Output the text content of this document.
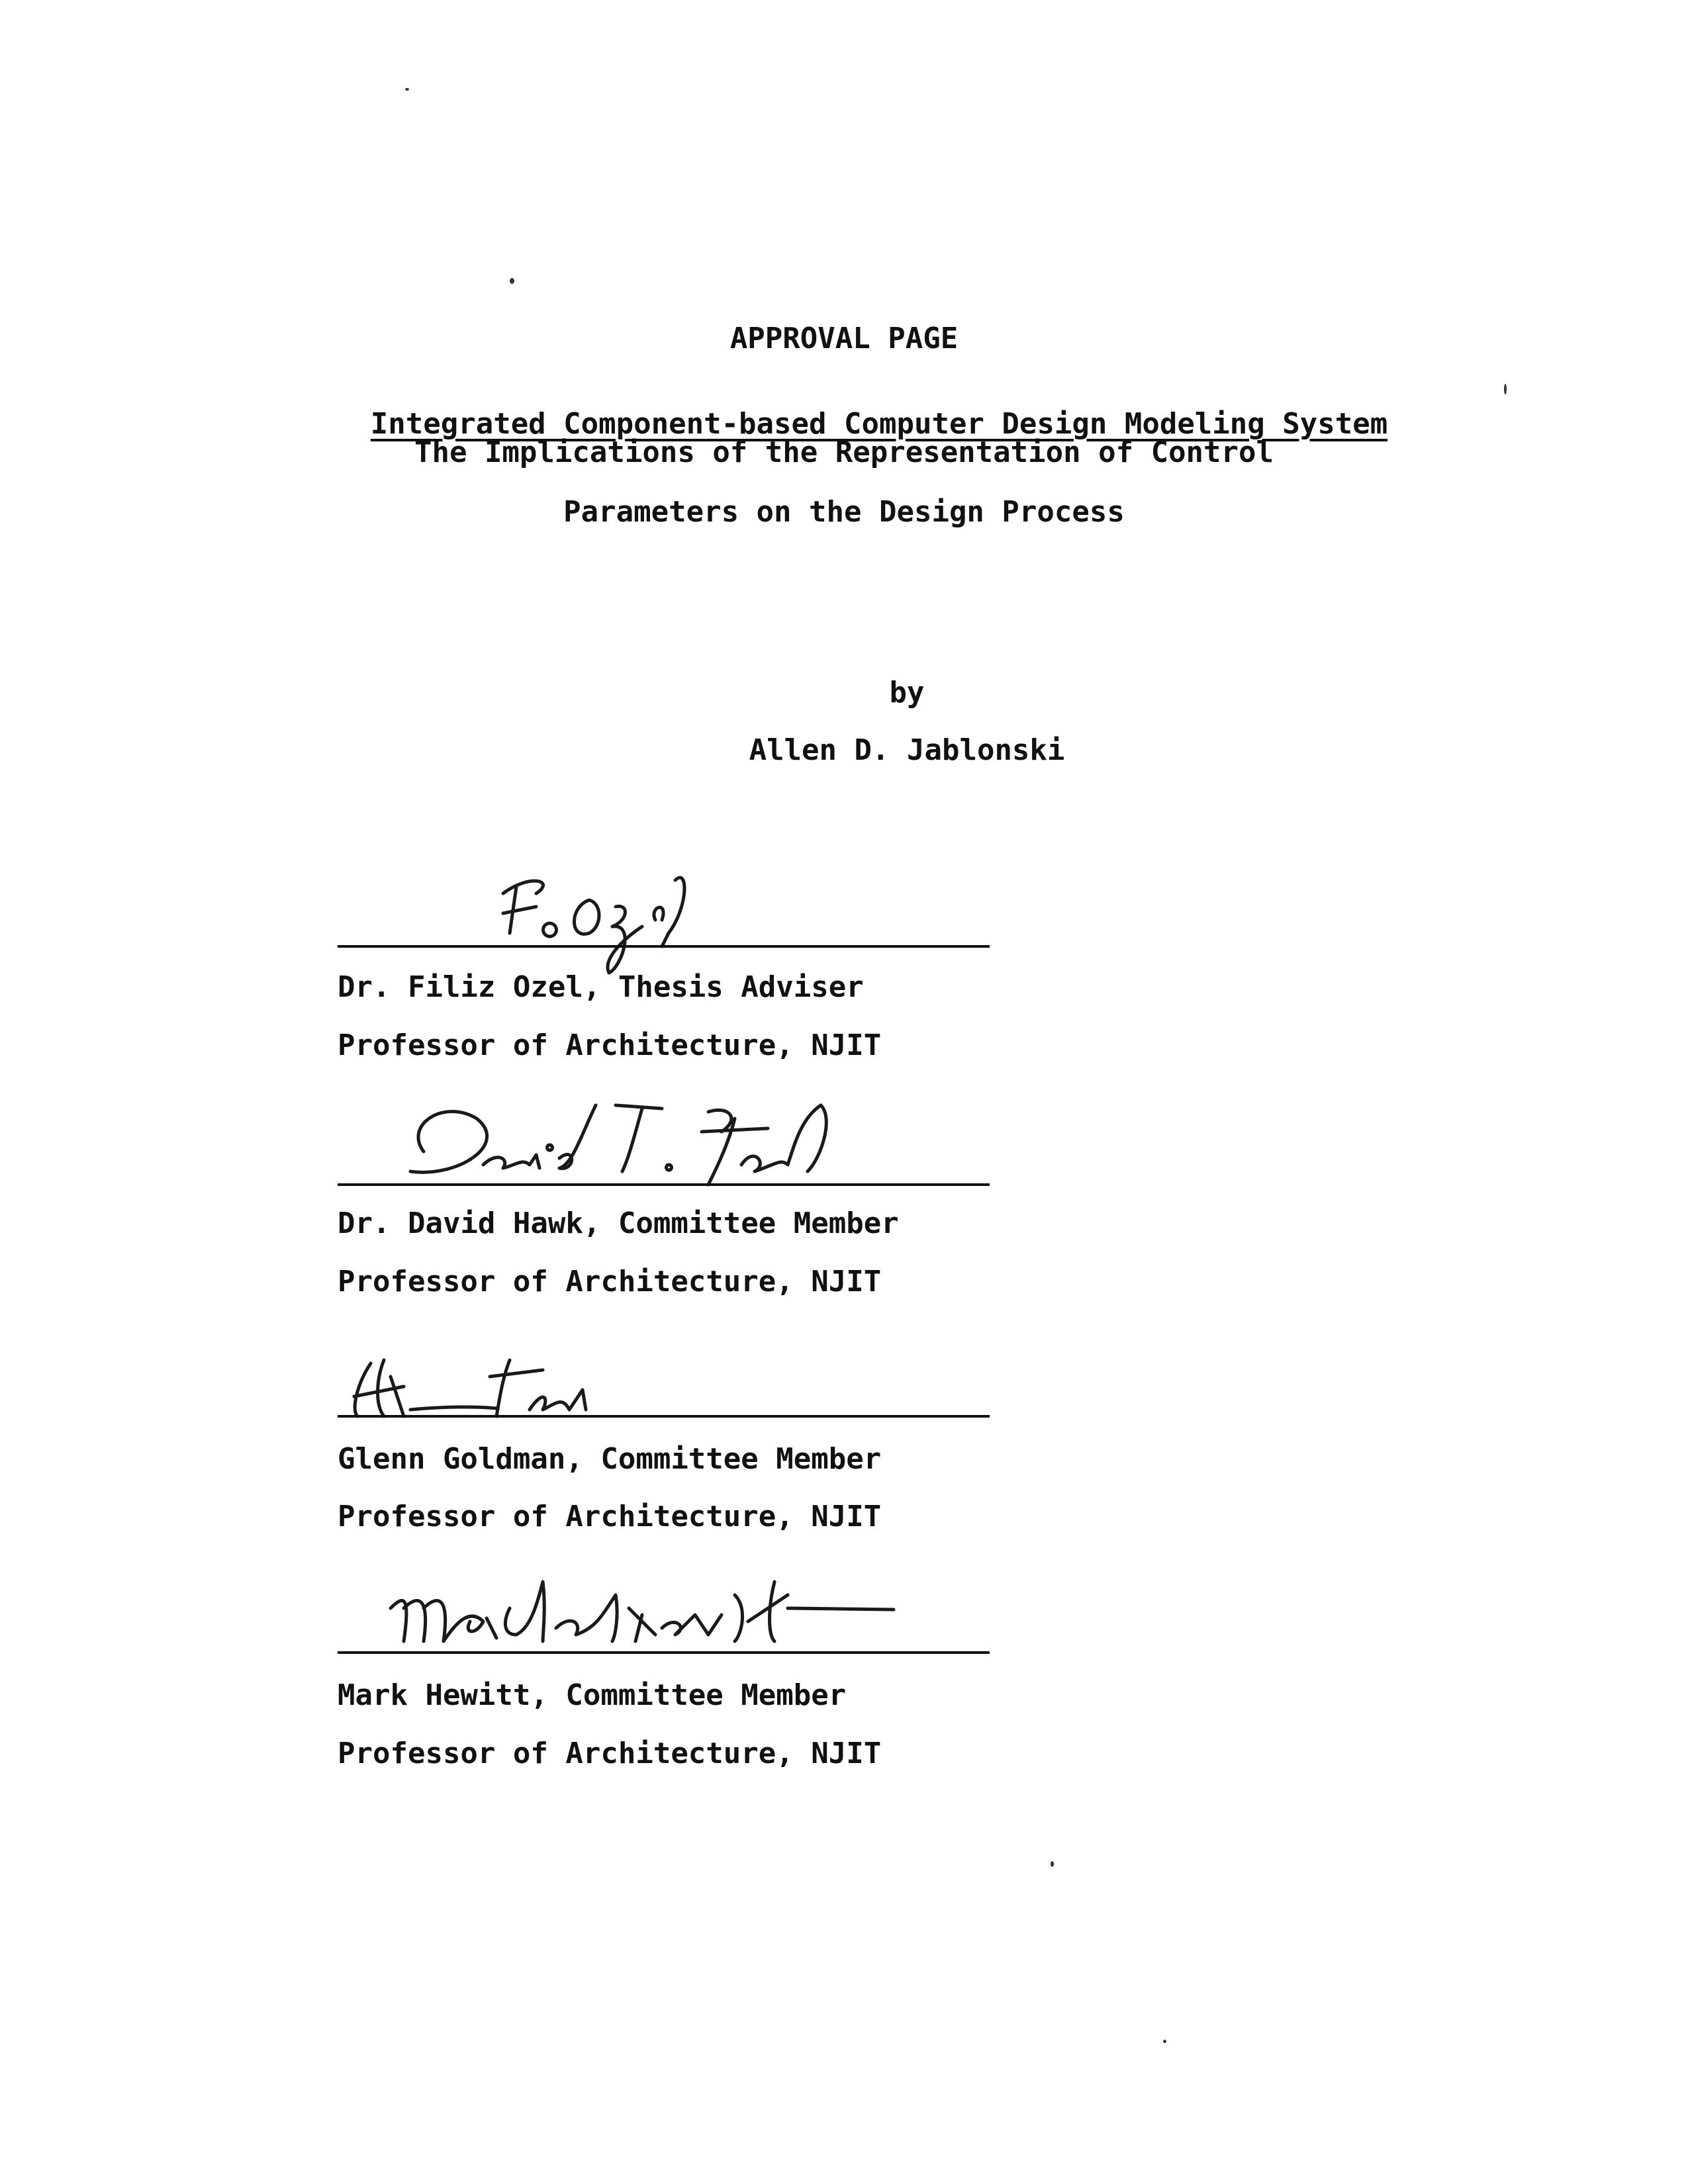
APPROVAL PAGE

Integrated Component-based Computer Design Modeling System

The Implications of the Representation of Control
Parameters on the Design Process
by
Allen D. Jablonski
Dr. Filiz Ozel, Thesis Adviser
Professor of Architecture, NJIT
Dr. David Hawk, Committee Member
Professor of Architecture, NJIT
Glenn Goldman, Committee Member
Professor of Architecture, NJIT
Mark Hewitt, Committee Member
Professor of Architecture, NJIT
